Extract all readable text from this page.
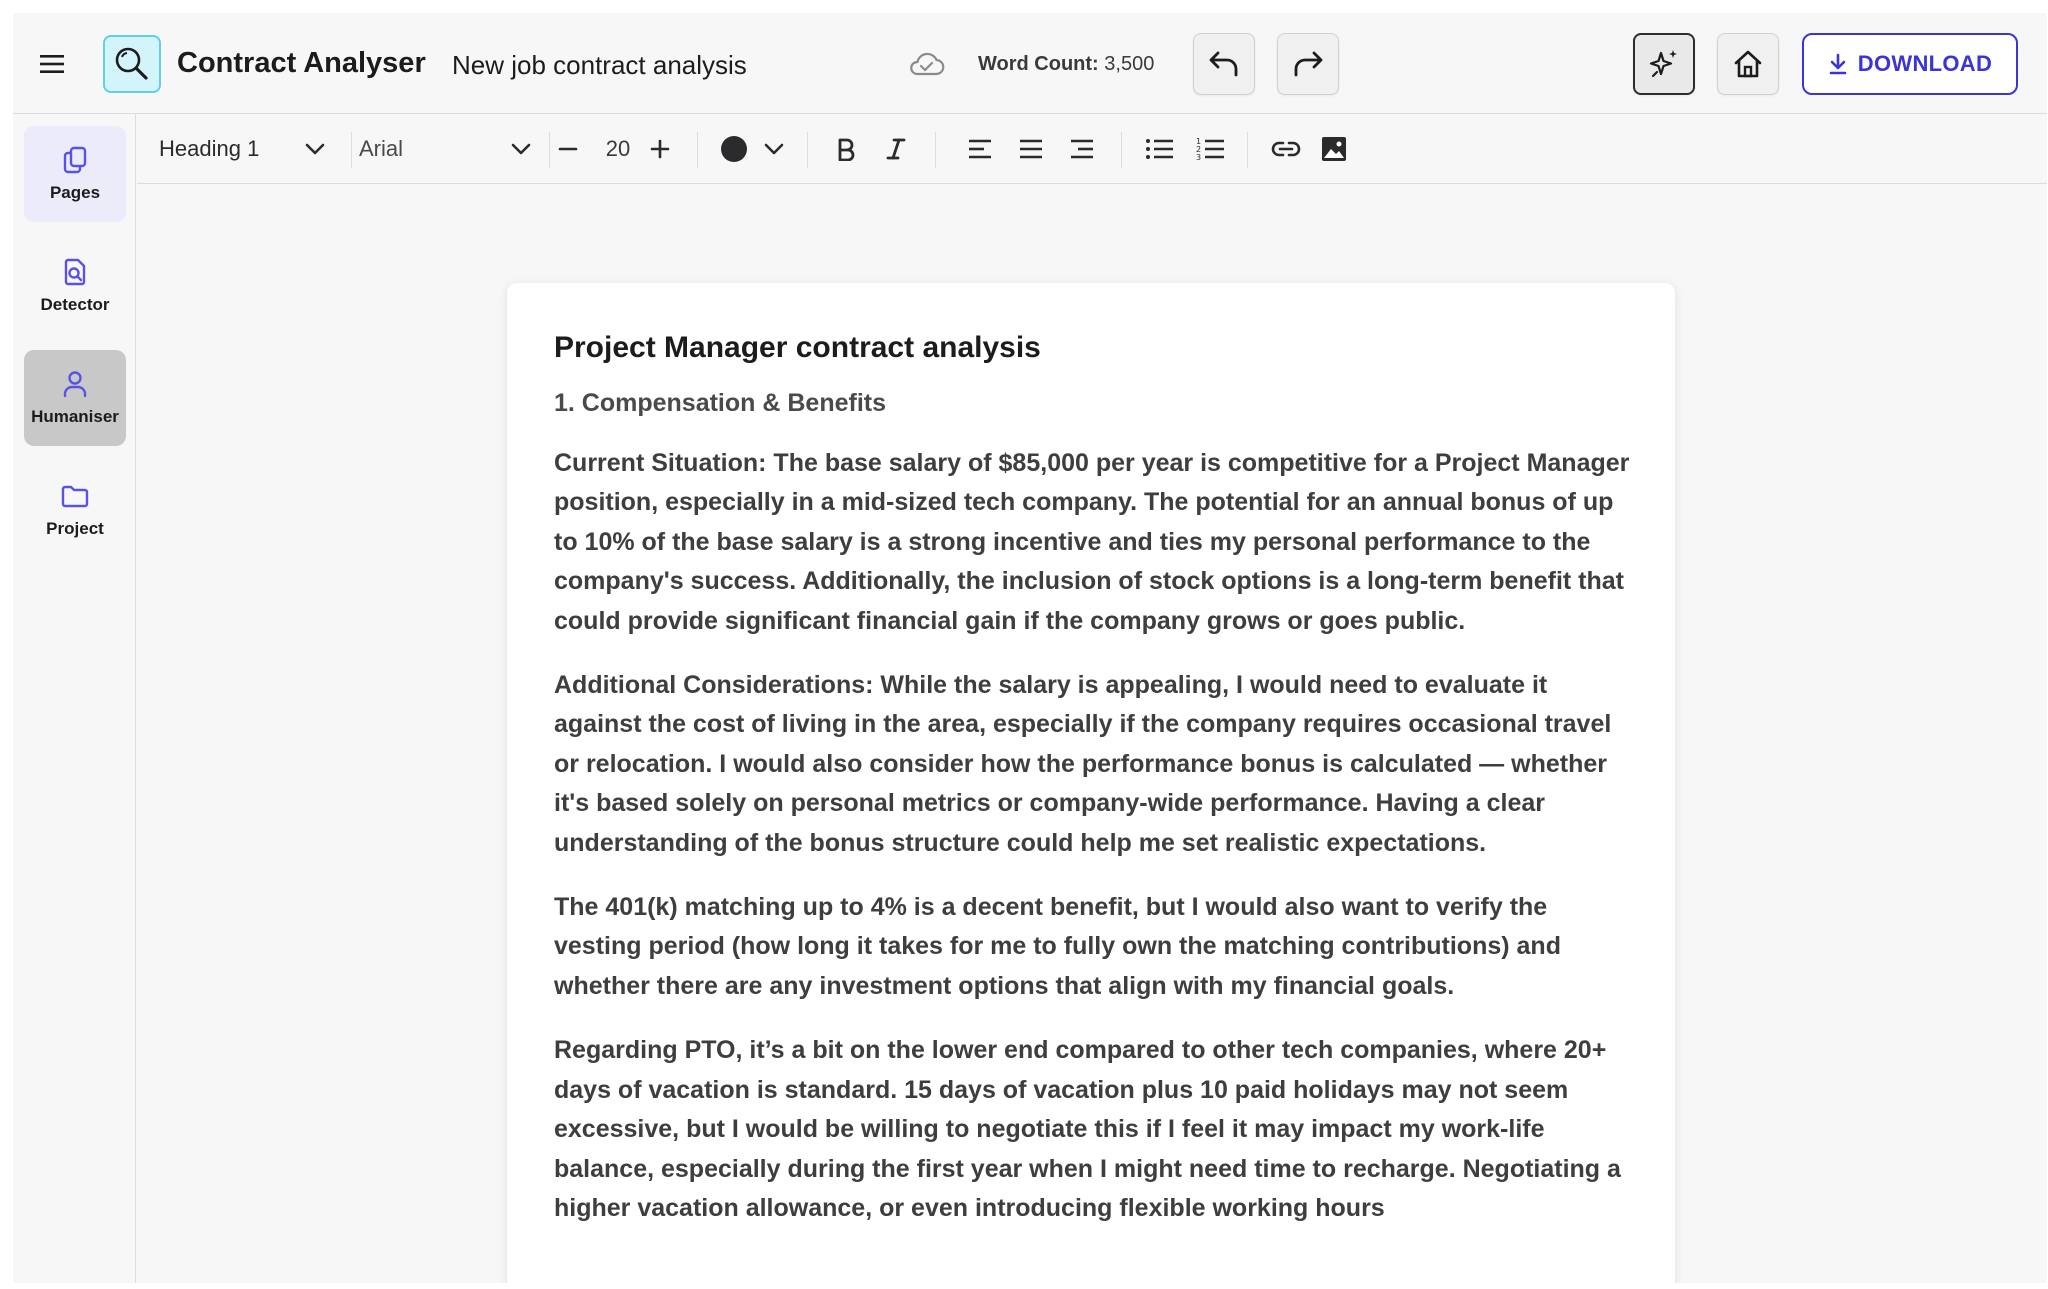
Contract Analyser New job contract analysis	Word Count: 3,500	DOWNLOAD
Pages
Detector
Humaniser
Project
Heading 1	Arial	20	1
2
3
Project Manager contract analysis
1. Compensation & Benefits

Current Situation: The base salary of $85,000 per year is competitive for a Project Manager position, especially in a mid-sized tech company. The potential for an annual bonus of up to 10% of the base salary is a strong incentive and ties my personal performance to the company's success. Additionally, the inclusion of stock options is a long-term benefit that could provide significant financial gain if the company grows or goes public.

Additional Considerations: While the salary is appealing, I would need to evaluate it against the cost of living in the area, especially if the company requires occasional travel or relocation. I would also consider how the performance bonus is calculated — whether it's based solely on personal metrics or company-wide performance. Having a clear understanding of the bonus structure could help me set realistic expectations.

The 401(k) matching up to 4% is a decent benefit, but I would also want to verify the vesting period (how long it takes for me to fully own the matching contributions) and whether there are any investment options that align with my financial goals.

Regarding PTO, it’s a bit on the lower end compared to other tech companies, where 20+ days of vacation is standard. 15 days of vacation plus 10 paid holidays may not seem excessive, but I would be willing to negotiate this if I feel it may impact my work-life balance, especially during the first year when I might need time to recharge. Negotiating a higher vacation allowance, or even introducing flexible working hours
